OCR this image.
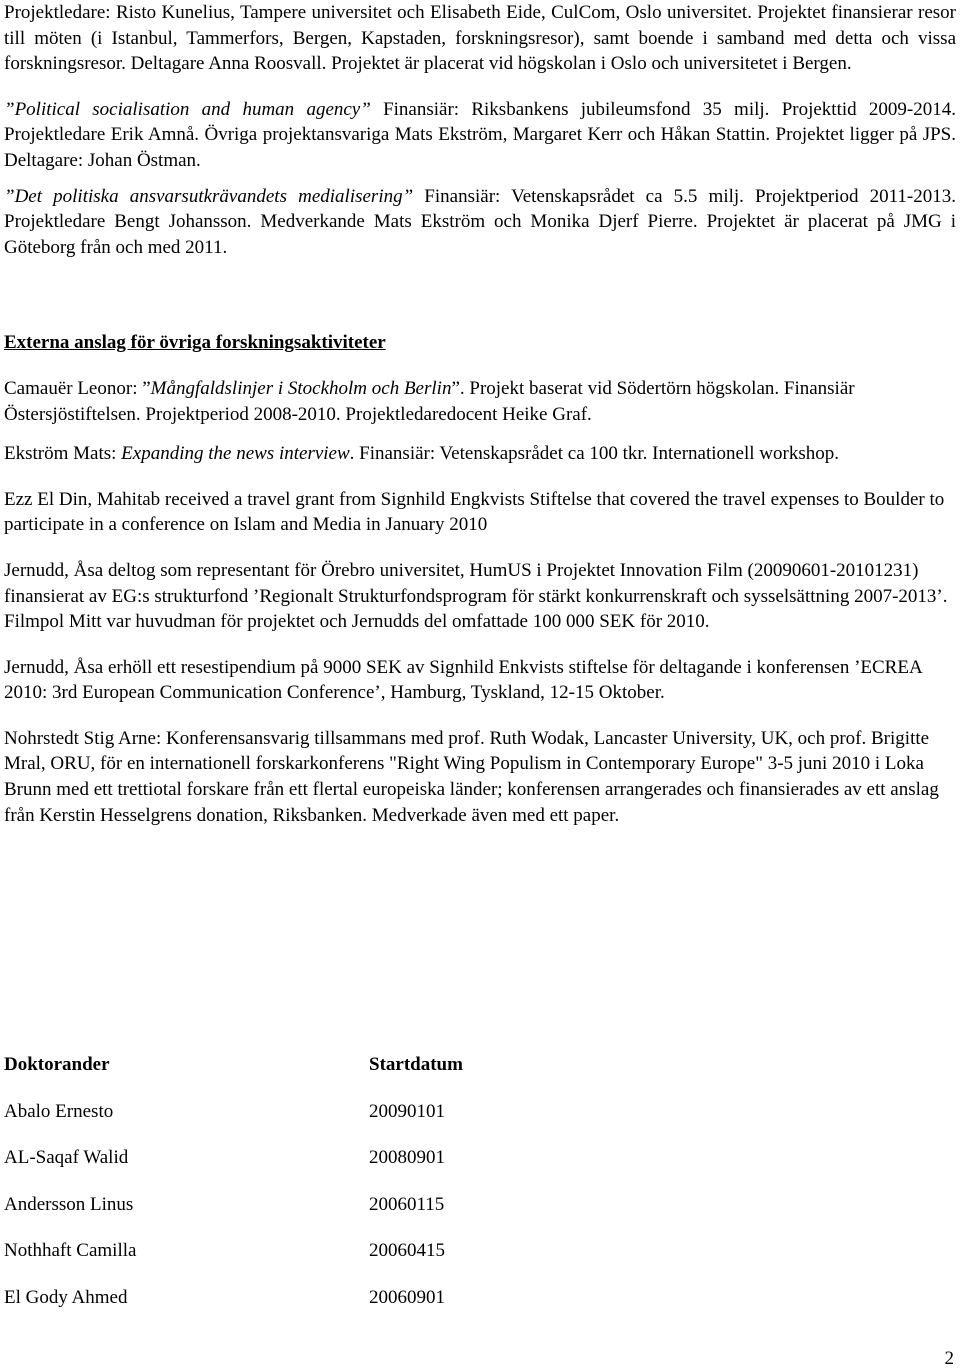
Projektledare: Risto Kunelius, Tampere universitet och Elisabeth Eide, CulCom, Oslo universitet. Projektet finansierar resor till möten (i Istanbul, Tammerfors, Bergen, Kapstaden, forskningsresor), samt boende i samband med detta och vissa forskningsresor. Deltagare Anna Roosvall. Projektet är placerat vid högskolan i Oslo och universitetet i Bergen.

”Political socialisation and human agency” Finansiär: Riksbankens jubileumsfond 35 milj. Projekttid 2009-2014. Projektledare Erik Amnå. Övriga projektansvariga Mats Ekström, Margaret Kerr och Håkan Stattin. Projektet ligger på JPS. Deltagare: Johan Östman.

”Det politiska ansvarsutkrävandets medialisering” Finansiär: Vetenskapsrådet ca 5.5 milj. Projektperiod 2011-2013. Projektledare Bengt Johansson. Medverkande Mats Ekström och Monika Djerf Pierre. Projektet är placerat på JMG i Göteborg från och med 2011.

Externa anslag för övriga forskningsaktiviteter

Camauër Leonor: ”Mångfaldslinjer i Stockholm och Berlin”. Projekt baserat vid Södertörn högskolan. Finansiär Östersjöstiftelsen. Projektperiod 2008-2010. Projektledaredocent Heike Graf.

Ekström Mats: Expanding the news interview. Finansiär: Vetenskapsrådet ca 100 tkr. Internationell workshop.

Ezz El Din, Mahitab received a travel grant from Signhild Engkvists Stiftelse that covered the travel expenses to Boulder to participate in a conference on Islam and Media in January 2010

Jernudd, Åsa deltog som representant för Örebro universitet, HumUS i Projektet Innovation Film (20090601-20101231) finansierat av EG:s strukturfond ’Regionalt Strukturfondsprogram för stärkt konkurrenskraft och sysselsättning 2007-2013’. Filmpol Mitt var huvudman för projektet och Jernudds del omfattade 100 000 SEK för 2010.

Jernudd, Åsa erhöll ett resestipendium på 9000 SEK av Signhild Enkvists stiftelse för deltagande i konferensen ’ECREA 2010: 3rd European Communication Conference’, Hamburg, Tyskland, 12-15 Oktober.

Nohrstedt Stig Arne: Konferensansvarig tillsammans med prof. Ruth Wodak, Lancaster University, UK, och prof. Brigitte Mral, ORU, för en internationell forskarkonferens "Right Wing Populism in Contemporary Europe" 3-5 juni 2010 i Loka Brunn med ett trettiotal forskare från ett flertal europeiska länder; konferensen arrangerades och finansierades av ett anslag från Kerstin Hesselgrens donation, Riksbanken. Medverkade även med ett paper.

Doktorander	Startdatum
Abalo Ernesto	20090101
AL-Saqaf Walid	20080901
Andersson Linus	20060115
Nothhaft Camilla	20060415
El Gody Ahmed	20060901
2
